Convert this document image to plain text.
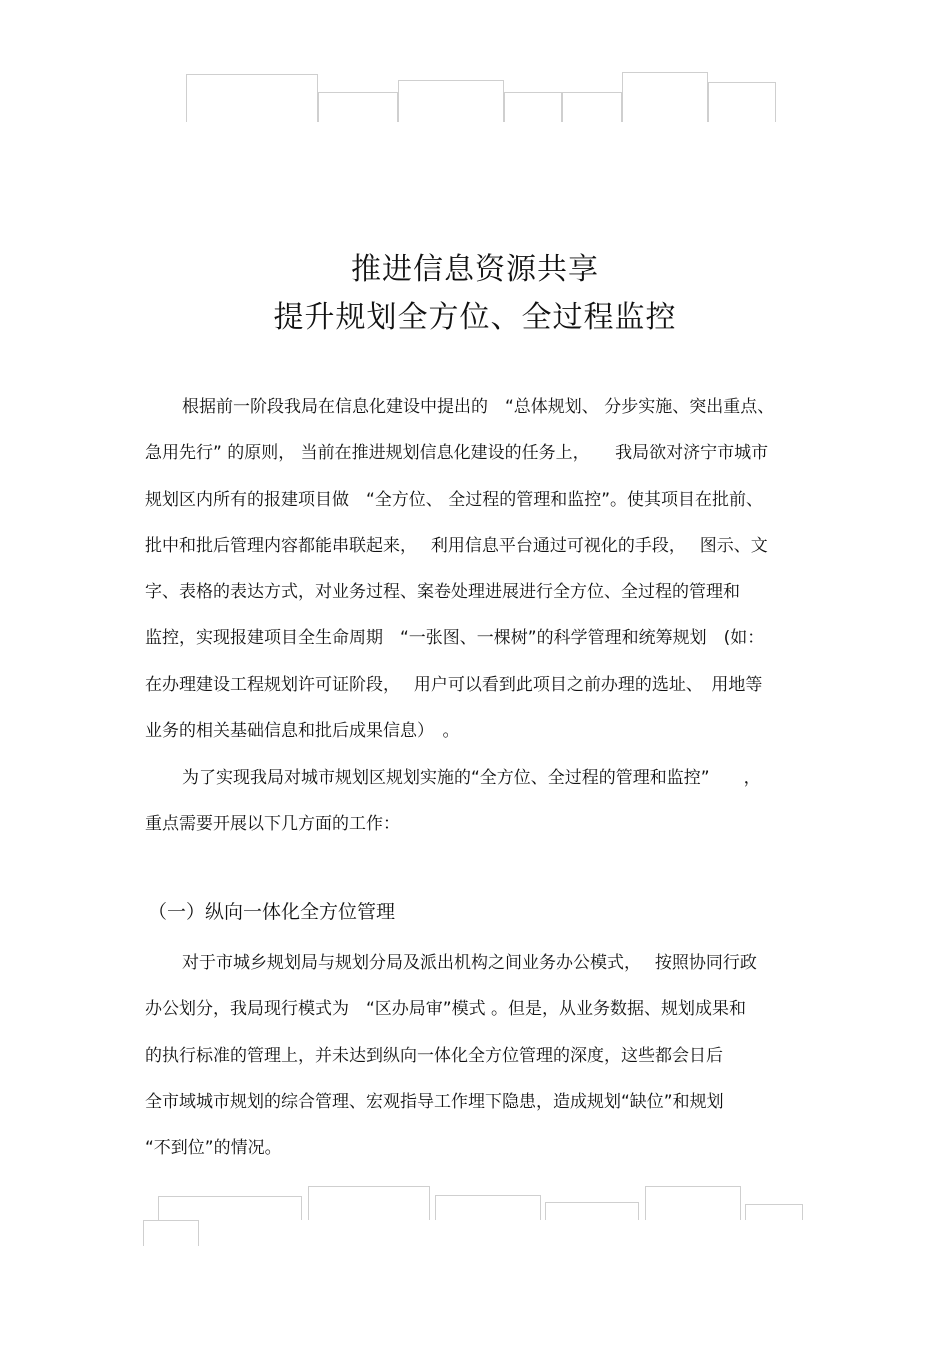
推进信息资源共享
提升规划全方位、全过程监控
根据前一阶段我局在信息化建设中提出的　“总体规划、 分步实施、突出重点、
急用先行” 的原则， 当前在推进规划信息化建设的任务上，　　我局欲对济宁市城市
规划区内所有的报建项目做　“全方位、 全过程的管理和监控”。使其项目在批前、
批中和批后管理内容都能串联起来，　 利用信息平台通过可视化的手段，　 图示、文
字、表格的表达方式，对业务过程、案卷处理进展进行全方位、全过程的管理和
监控，实现报建项目全生命周期　“一张图、一棵树”的科学管理和统筹规划　(如：
在办理建设工程规划许可证阶段，　 用户可以看到此项目之前办理的选址、　用地等
业务的相关基础信息和批后成果信息）　。
为了实现我局对城市规划区规划实施的“全方位、全过程的管理和监控”　　，
重点需要开展以下几方面的工作：
（一）纵向一体化全方位管理
对于市城乡规划局与规划分局及派出机构之间业务办公模式，　 按照协同行政
办公划分，我局现行模式为　“区办局审”模式 。但是，从业务数据、规划成果和
的执行标准的管理上，并未达到纵向一体化全方位管理的深度，这些都会日后
全市域城市规划的综合管理、宏观指导工作埋下隐患，造成规划“缺位”和规划
“不到位”的情况。
